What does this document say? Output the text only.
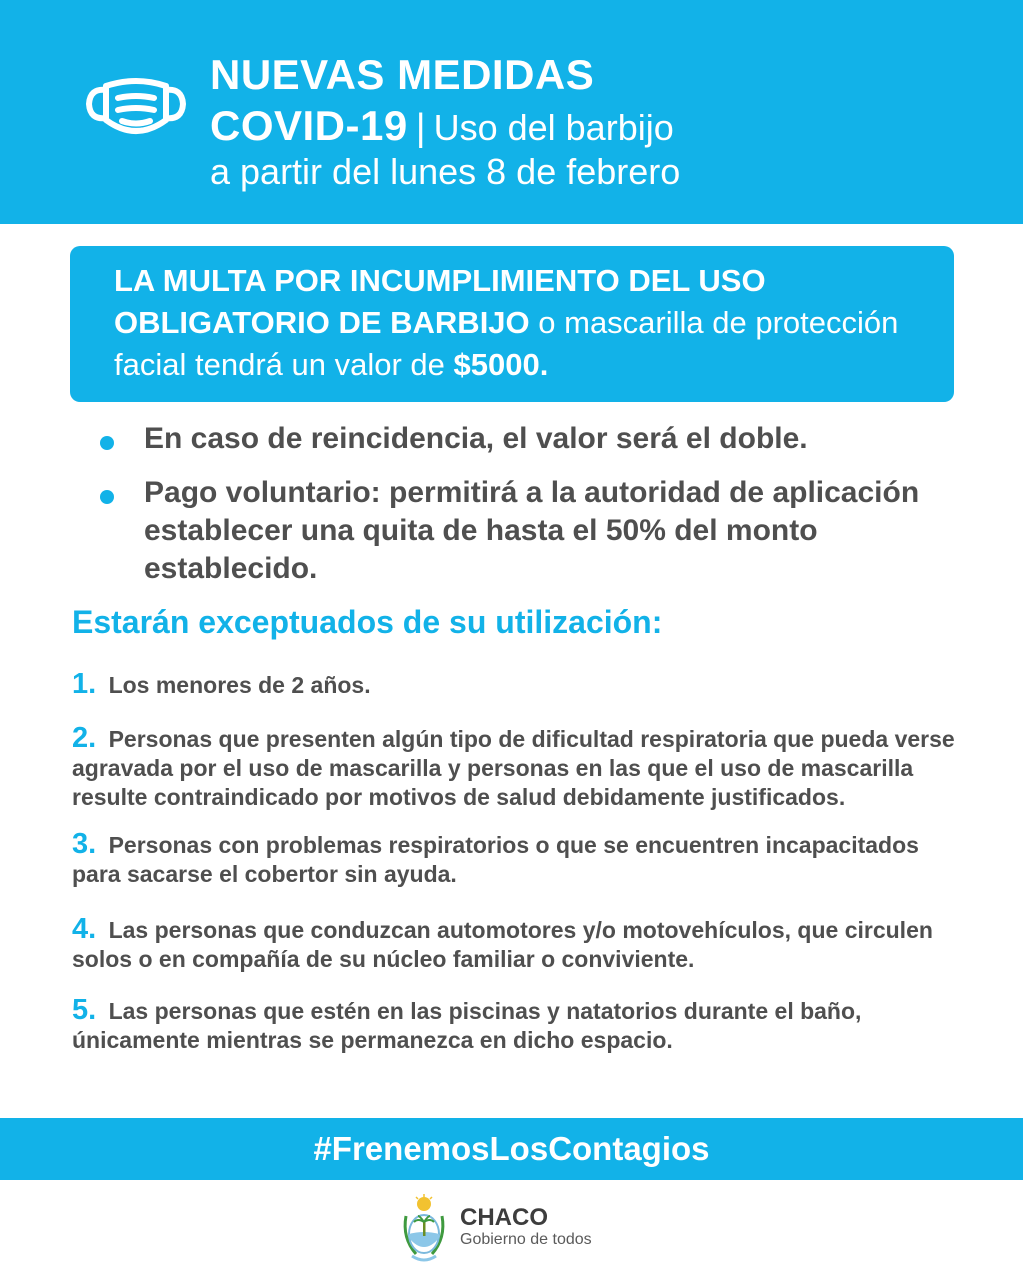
NUEVAS MEDIDAS
COVID-19 | Uso del barbijo
a partir del lunes 8 de febrero
LA MULTA POR INCUMPLIMIENTO DEL USO OBLIGATORIO DE BARBIJO o mascarilla de protección facial tendrá un valor de $5000.
En caso de reincidencia, el valor será el doble.
Pago voluntario: permitirá a la autoridad de aplicación establecer una quita de hasta el 50% del monto establecido.
Estarán exceptuados de su utilización:
1. Los menores de 2 años.
2. Personas que presenten algún tipo de dificultad respiratoria que pueda verse agravada por el uso de mascarilla y personas en las que el uso de mascarilla resulte contraindicado por motivos de salud debidamente justificados.
3. Personas con problemas respiratorios o que se encuentren incapacitados para sacarse el cobertor sin ayuda.
4. Las personas que conduzcan automotores y/o motovehículos, que circulen solos o en compañía de su núcleo familiar o conviviente.
5. Las personas que estén en las piscinas y natatorios durante el baño, únicamente mientras se permanezca en dicho espacio.
#FrenemosLosContagios
CHACO
Gobierno de todos
